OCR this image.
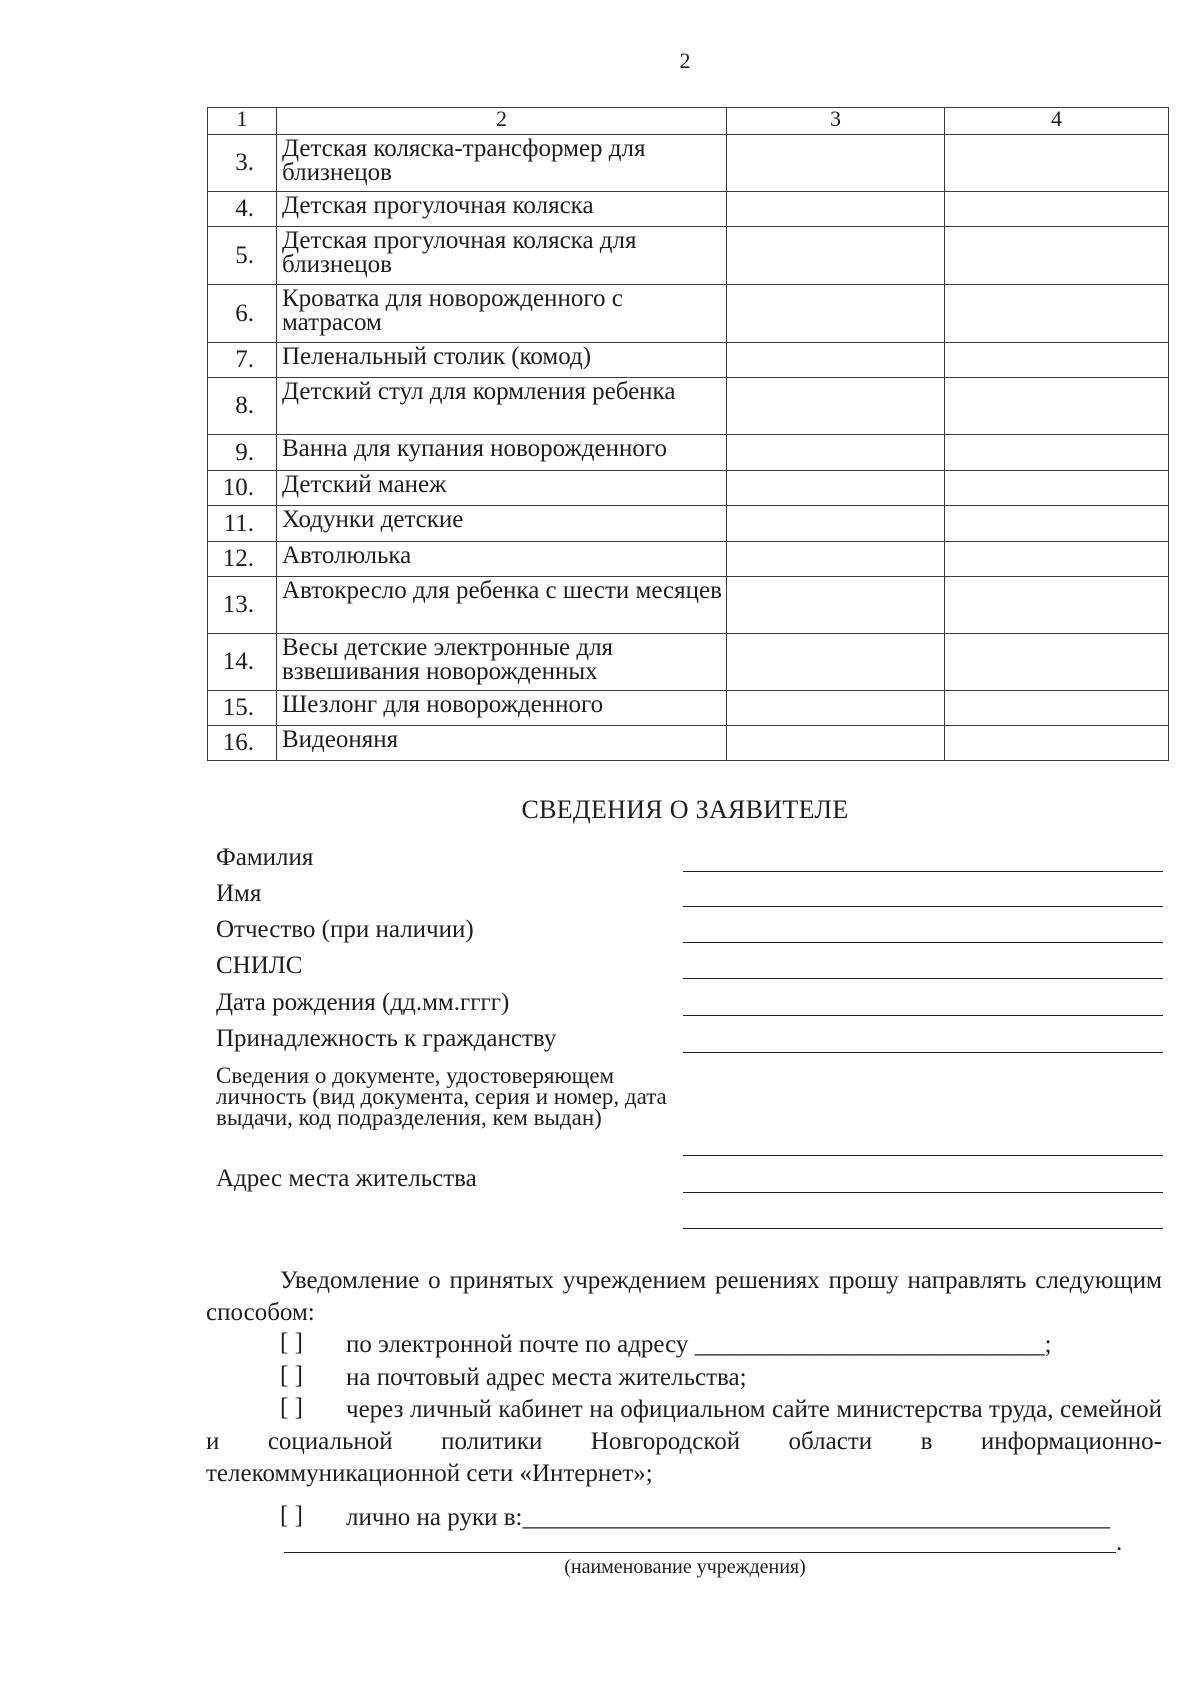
2
1	2	3	4
3.	Детская коляска-трансформер для близнецов		
4.	Детская прогулочная коляска		
5.	Детская прогулочная коляска для близнецов		
6.	Кроватка для новорожденного с матрасом		
7.	Пеленальный столик (комод)		
8.	Детский стул для кормления ребенка		
9.	Ванна для купания новорожденного		
10.	Детский манеж		
11.	Ходунки детские		
12.	Автолюлька		
13.	Автокресло для ребенка с шести месяцев		
14.	Весы детские электронные для взвешивания новорожденных		
15.	Шезлонг для новорожденного		
16.	Видеоняня		
СВЕДЕНИЯ О ЗАЯВИТЕЛЕ
Фамилия
Имя
Отчество (при наличии)
СНИЛС
Дата рождения (дд.мм.гггг)
Принадлежность к гражданству
Сведения о документе, удостоверяющем личность (вид документа, серия и номер, дата выдачи, код подразделения, кем выдан)
Адрес места жительства
Уведомление о принятых учреждением решениях прошу направлять следующим способом:
[ ] по электронной почте по адресу ____________________________;
[ ] на почтовый адрес места жительства;
[ ]	через личный кабинет на официальном сайте министерства труда, семейной и социальной политики Новгородской области в информационно-телекоммуникационной сети «Интернет»;
[ ] лично на руки в:_______________________________________________
.
(наименование учреждения)
